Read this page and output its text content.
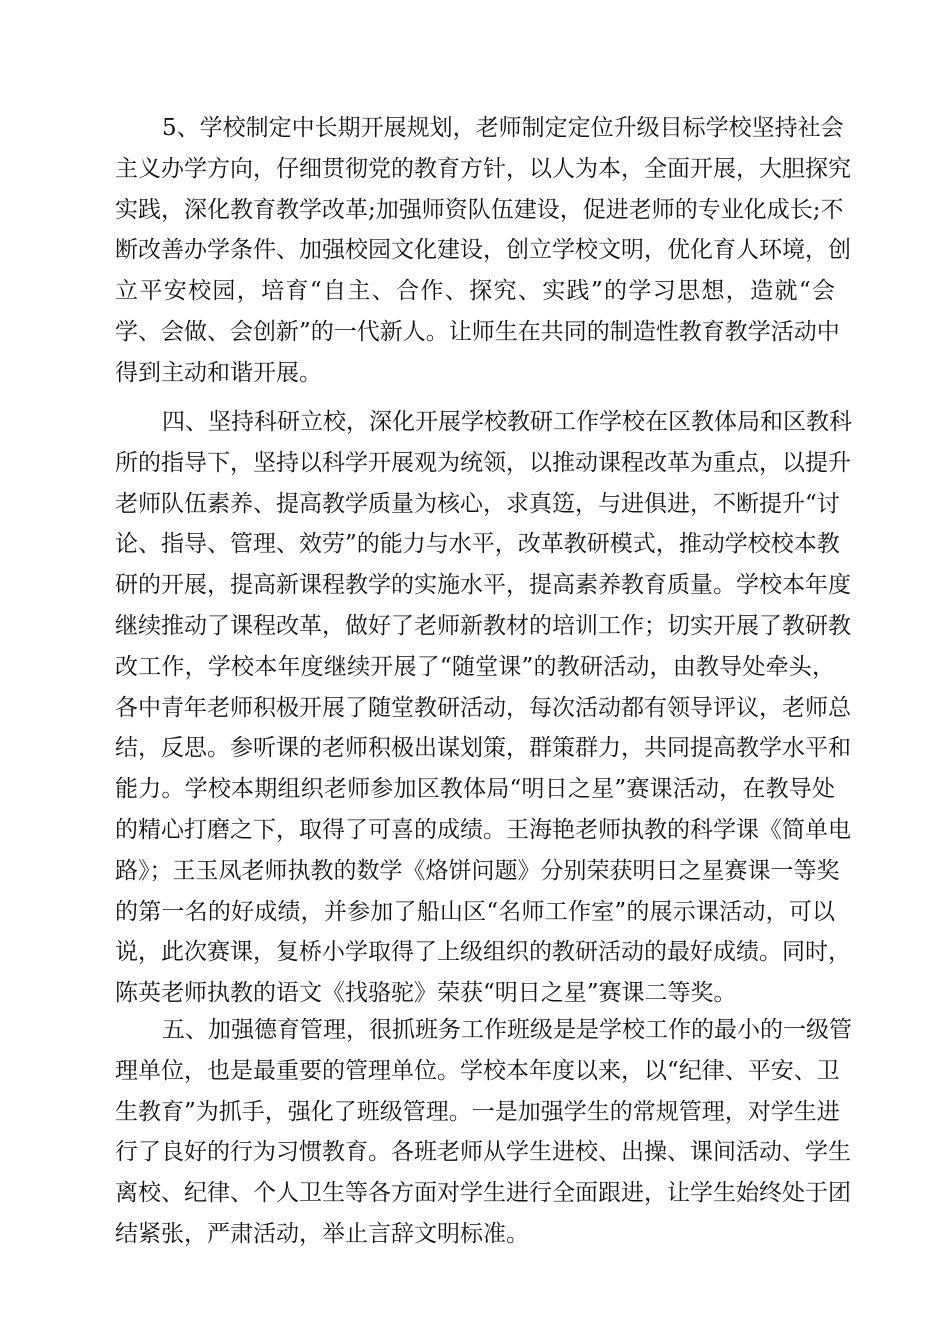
5、学校制定中长期开展规划，老师制定定位升级目标学校坚持社会
主义办学方向，仔细贯彻党的教育方针，以人为本，全面开展，大胆探究
实践，深化教育教学改革;加强师资队伍建设，促进老师的专业化成长;不
断改善办学条件、加强校园文化建设，创立学校文明，优化育人环境，创
立平安校园，培育“自主、合作、探究、实践”的学习思想，造就“会
学、会做、会创新”的一代新人。让师生在共同的制造性教育教学活动中
得到主动和谐开展。
四、坚持科研立校，深化开展学校教研工作学校在区教体局和区教科
所的指导下，坚持以科学开展观为统领，以推动课程改革为重点，以提升
老师队伍素养、提高教学质量为核心，求真笾，与进俱进，不断提升“讨
论、指导、管理、效劳”的能力与水平，改革教研模式，推动学校校本教
研的开展，提高新课程教学的实施水平，提高素养教育质量。学校本年度
继续推动了课程改革，做好了老师新教材的培训工作；切实开展了教研教
改工作，学校本年度继续开展了“随堂课”的教研活动，由教导处牵头，
各中青年老师积极开展了随堂教研活动，每次活动都有领导评议，老师总
结，反思。参听课的老师积极出谋划策，群策群力，共同提高教学水平和
能力。学校本期组织老师参加区教体局“明日之星”赛课活动，在教导处
的精心打磨之下，取得了可喜的成绩。王海艳老师执教的科学课《简单电
路》；王玉凤老师执教的数学《烙饼问题》分别荣获明日之星赛课一等奖
的第一名的好成绩，并参加了船山区“名师工作室”的展示课活动，可以
说，此次赛课，复桥小学取得了上级组织的教研活动的最好成绩。同时，
陈英老师执教的语文《找骆驼》荣获“明日之星”赛课二等奖。
五、加强德育管理，很抓班务工作班级是是学校工作的最小的一级管
理单位，也是最重要的管理单位。学校本年度以来，以“纪律、平安、卫
生教育”为抓手，强化了班级管理。一是加强学生的常规管理，对学生进
行了良好的行为习惯教育。各班老师从学生进校、出操、课间活动、学生
离校、纪律、个人卫生等各方面对学生进行全面跟进，让学生始终处于团
结紧张，严肃活动，举止言辞文明标准。
